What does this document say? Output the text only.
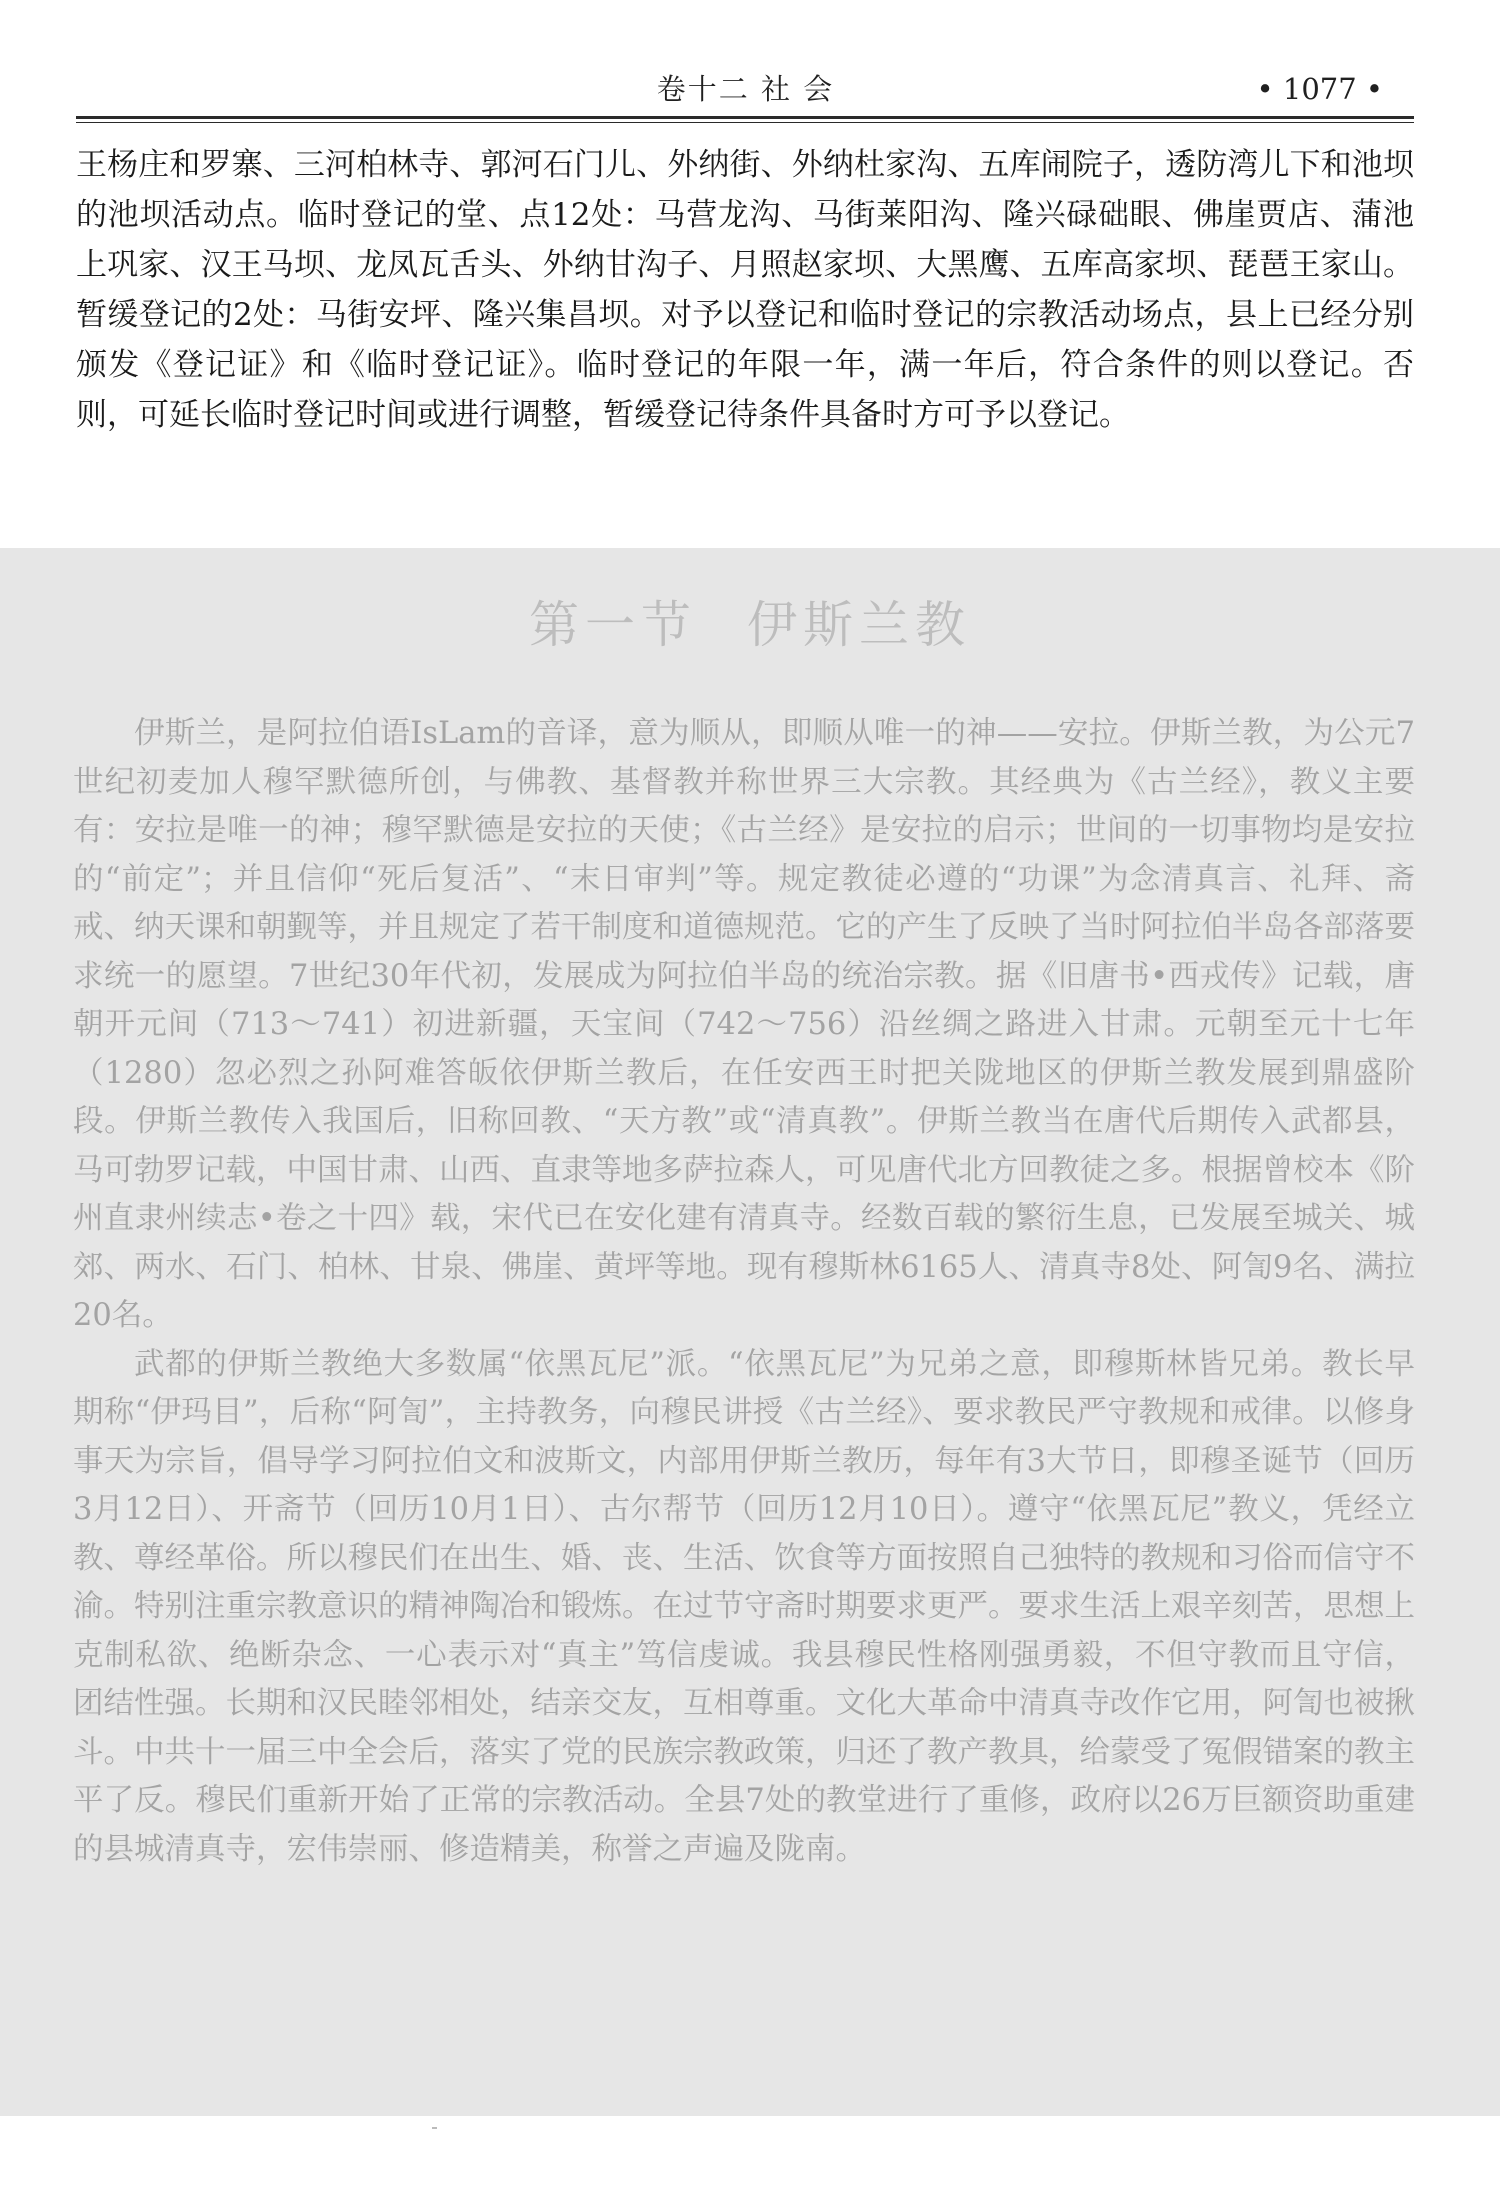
卷十二 社 会	• 1077 •

王杨庄和罗寨、三河柏林寺、郭河石门儿、外纳街、外纳杜家沟、五库闹院子，透防湾儿下和池坝的池坝活动点。临时登记的堂、点12处：马营龙沟、马街莱阳沟、隆兴碌础眼、佛崖贾店、蒲池上巩家、汉王马坝、龙凤瓦舌头、外纳甘沟子、月照赵家坝、大黑鹰、五库高家坝、琵琶王家山。暂缓登记的2处：马街安坪、隆兴集昌坝。对予以登记和临时登记的宗教活动场点，县上已经分别颁发《登记证》和《临时登记证》。临时登记的年限一年，满一年后，符合条件的则以登记。否则，可延长临时登记时间或进行调整，暂缓登记待条件具备时方可予以登记。

第一节 伊斯兰教

伊斯兰，是阿拉伯语IsLam的音译，意为顺从，即顺从唯一的神——安拉。伊斯兰教，为公元7世纪初麦加人穆罕默德所创，与佛教、基督教并称世界三大宗教。其经典为《古兰经》，教义主要有：安拉是唯一的神；穆罕默德是安拉的天使；《古兰经》是安拉的启示；世间的一切事物均是安拉的“前定”；并且信仰“死后复活”、“末日审判”等。规定教徒必遵的“功课”为念清真言、礼拜、斋戒、纳天课和朝觐等，并且规定了若干制度和道德规范。它的产生了反映了当时阿拉伯半岛各部落要求统一的愿望。7世纪30年代初，发展成为阿拉伯半岛的统治宗教。据《旧唐书•西戎传》记载，唐朝开元间（713～741）初进新疆，天宝间（742～756）沿丝绸之路进入甘肃。元朝至元十七年（1280）忽必烈之孙阿难答皈依伊斯兰教后，在任安西王时把关陇地区的伊斯兰教发展到鼎盛阶段。伊斯兰教传入我国后，旧称回教、“天方教”或“清真教”。伊斯兰教当在唐代后期传入武都县，马可勃罗记载，中国甘肃、山西、直隶等地多萨拉森人，可见唐代北方回教徒之多。根据曾校本《阶州直隶州续志•卷之十四》载，宋代已在安化建有清真寺。经数百载的繁衍生息，已发展至城关、城郊、两水、石门、柏林、甘泉、佛崖、黄坪等地。现有穆斯林6165人、清真寺8处、阿訇9名、满拉20名。

武都的伊斯兰教绝大多数属“依黑瓦尼”派。“依黑瓦尼”为兄弟之意，即穆斯林皆兄弟。教长早期称“伊玛目”，后称“阿訇”，主持教务，向穆民讲授《古兰经》、要求教民严守教规和戒律。以修身事天为宗旨，倡导学习阿拉伯文和波斯文，内部用伊斯兰教历，每年有3大节日，即穆圣诞节（回历3月12日）、开斋节（回历10月1日）、古尔帮节（回历12月10日）。遵守“依黑瓦尼”教义，凭经立教、尊经革俗。所以穆民们在出生、婚、丧、生活、饮食等方面按照自己独特的教规和习俗而信守不渝。特别注重宗教意识的精神陶冶和锻炼。在过节守斋时期要求更严。要求生活上艰辛刻苦，思想上克制私欲、绝断杂念、一心表示对“真主”笃信虔诚。我县穆民性格刚强勇毅，不但守教而且守信，团结性强。长期和汉民睦邻相处，结亲交友，互相尊重。文化大革命中清真寺改作它用，阿訇也被揪斗。中共十一届三中全会后，落实了党的民族宗教政策，归还了教产教具，给蒙受了冤假错案的教主平了反。穆民们重新开始了正常的宗教活动。全县7处的教堂进行了重修，政府以26万巨额资助重建的县城清真寺，宏伟崇丽、修造精美，称誉之声遍及陇南。
